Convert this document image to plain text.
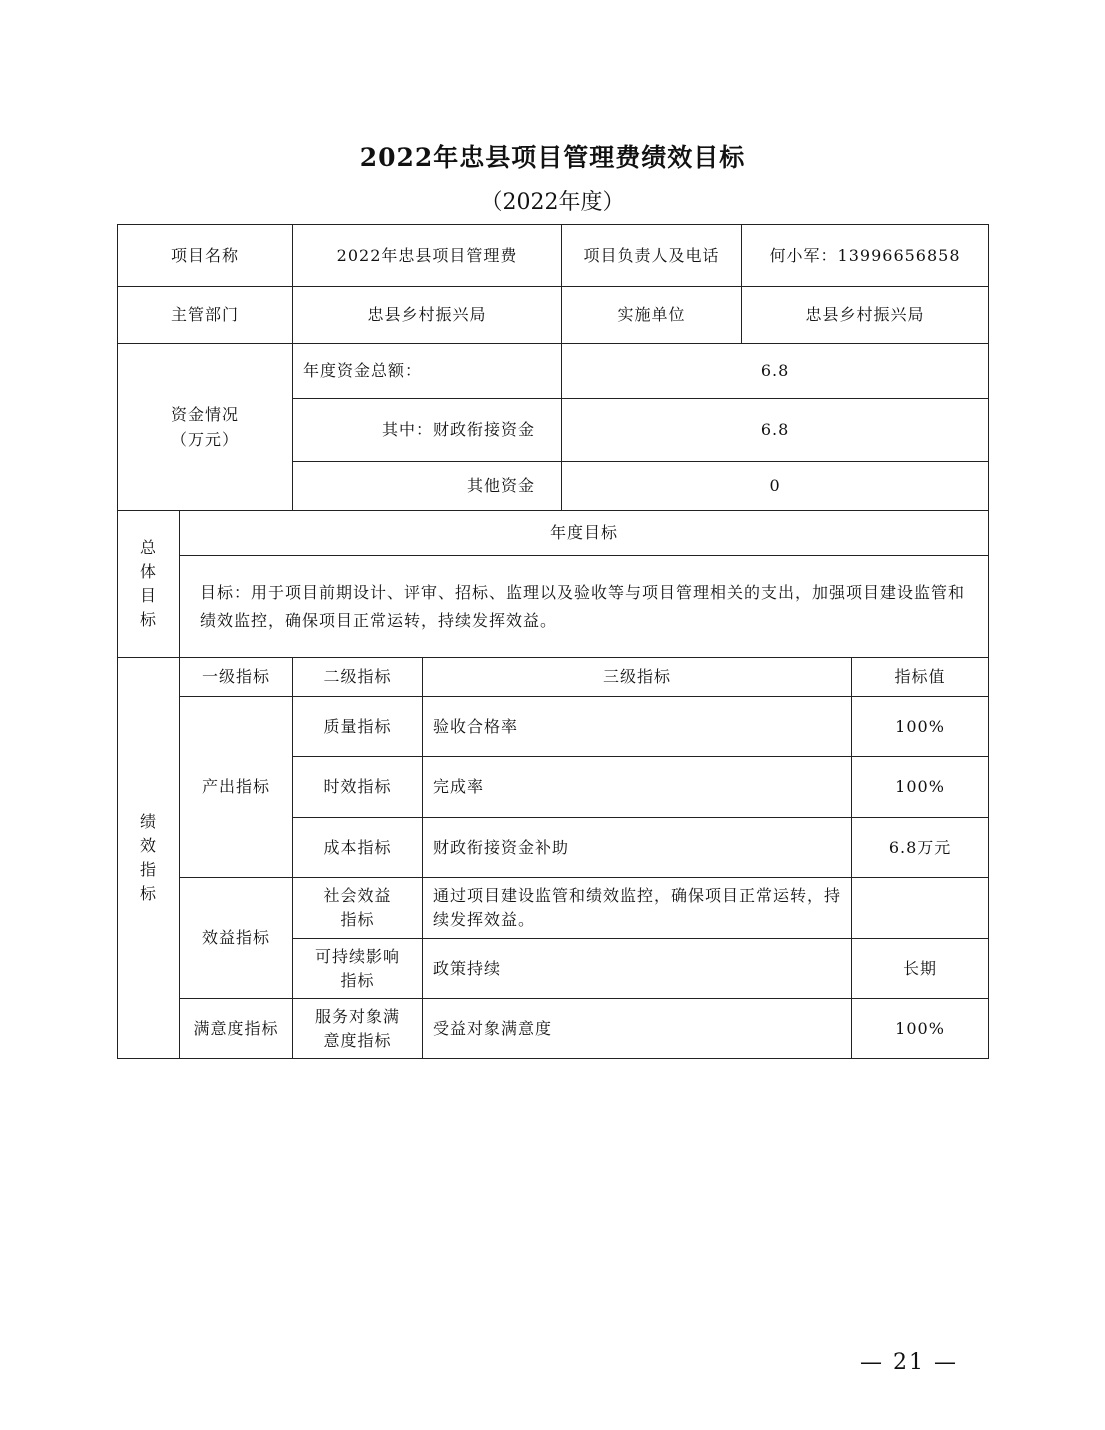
2022年忠县项目管理费绩效目标
（2022年度）
项目名称		2022年忠县项目管理费		项目负责人及电话	何小军：13996656858	
主管部门		忠县乡村振兴局		实施单位	忠县乡村振兴局	

资金情况（万元）		年度资金总额：		6.8		
		其中：财政衔接资金		6.8		
		其他资金		0		

总体目标	年度目标					
	目标：用于项目前期设计、评审、招标、监理以及验收等与项目管理相关的支出，加强项目建设监管和绩效监控，确保项目正常运转，持续发挥效益。					

绩效指标	一级指标	二级指标	三级指标			指标值
	产出指标	质量指标	验收合格率			100%
		时效指标	完成率			100%
		成本指标	财政衔接资金补助			6.8万元
	效益指标	社会效益指标	通过项目建设监管和绩效监控，确保项目正常运转，持续发挥效益。			

		可持续影响指标	政策持续			长期
	满意度指标	服务对象满意度指标	受益对象满意度			100%
— 21 —
